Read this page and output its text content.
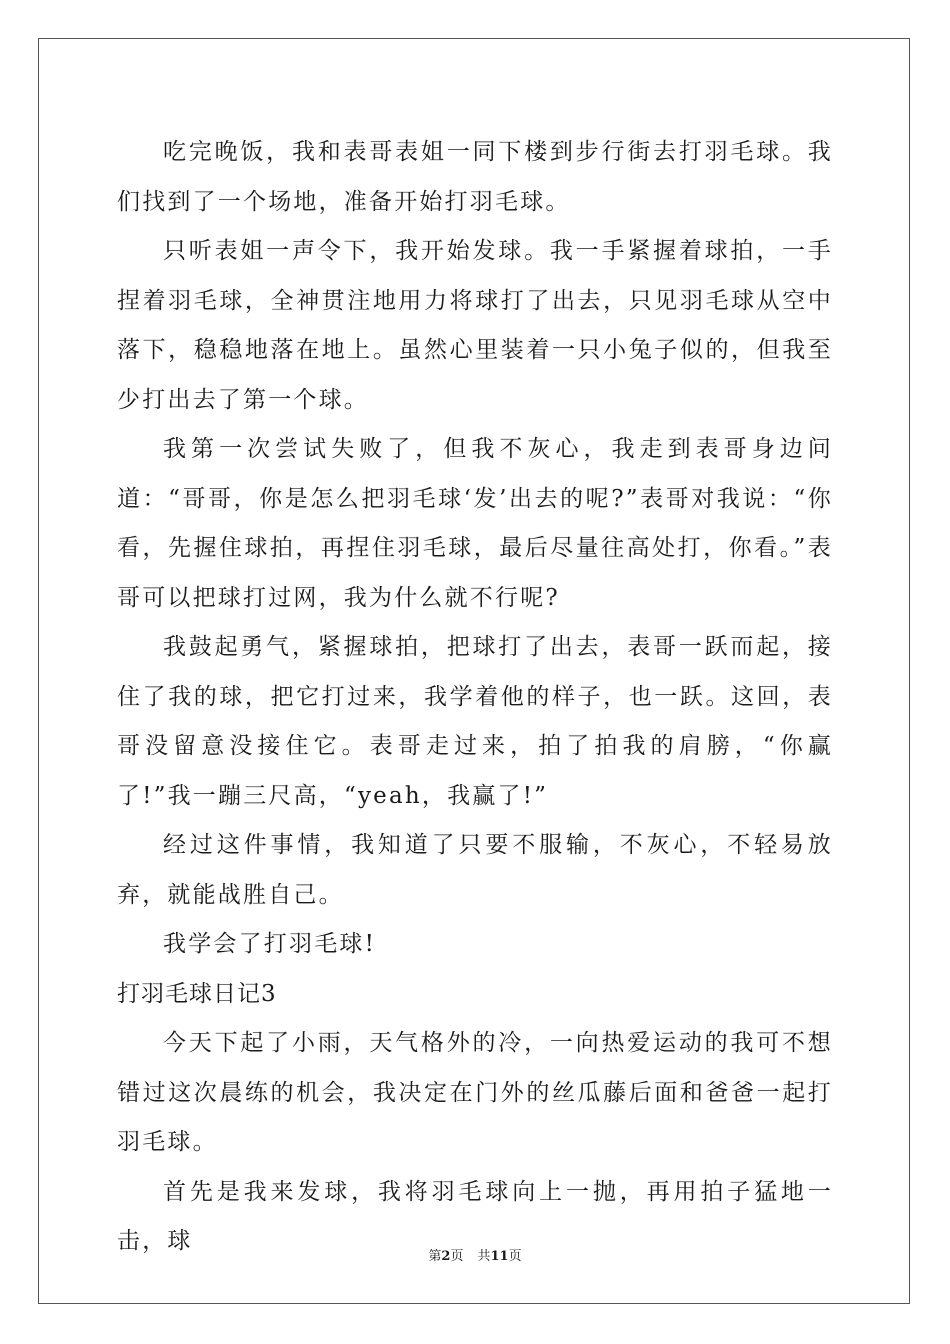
吃完晚饭，我和表哥表姐一同下楼到步行街去打羽毛球。我们找到了一个场地，准备开始打羽毛球。

只听表姐一声令下，我开始发球。我一手紧握着球拍，一手捏着羽毛球，全神贯注地用力将球打了出去，只见羽毛球从空中落下，稳稳地落在地上。虽然心里装着一只小兔子似的，但我至少打出去了第一个球。

我第一次尝试失败了，但我不灰心，我走到表哥身边问道：“哥哥，你是怎么把羽毛球‘发’出去的呢?”表哥对我说：“你看，先握住球拍，再捏住羽毛球，最后尽量往高处打，你看。”表哥可以把球打过网，我为什么就不行呢?

我鼓起勇气，紧握球拍，把球打了出去，表哥一跃而起，接住了我的球，把它打过来，我学着他的样子，也一跃。这回，表哥没留意没接住它。表哥走过来，拍了拍我的肩膀，“你赢了!”我一蹦三尺高，“yeah，我赢了!”

经过这件事情，我知道了只要不服输，不灰心，不轻易放弃，就能战胜自己。

我学会了打羽毛球!

打羽毛球日记3

今天下起了小雨，天气格外的冷，一向热爱运动的我可不想错过这次晨练的机会，我决定在门外的丝瓜藤后面和爸爸一起打羽毛球。

首先是我来发球，我将羽毛球向上一抛，再用拍子猛地一击，球

第2页 共11页
